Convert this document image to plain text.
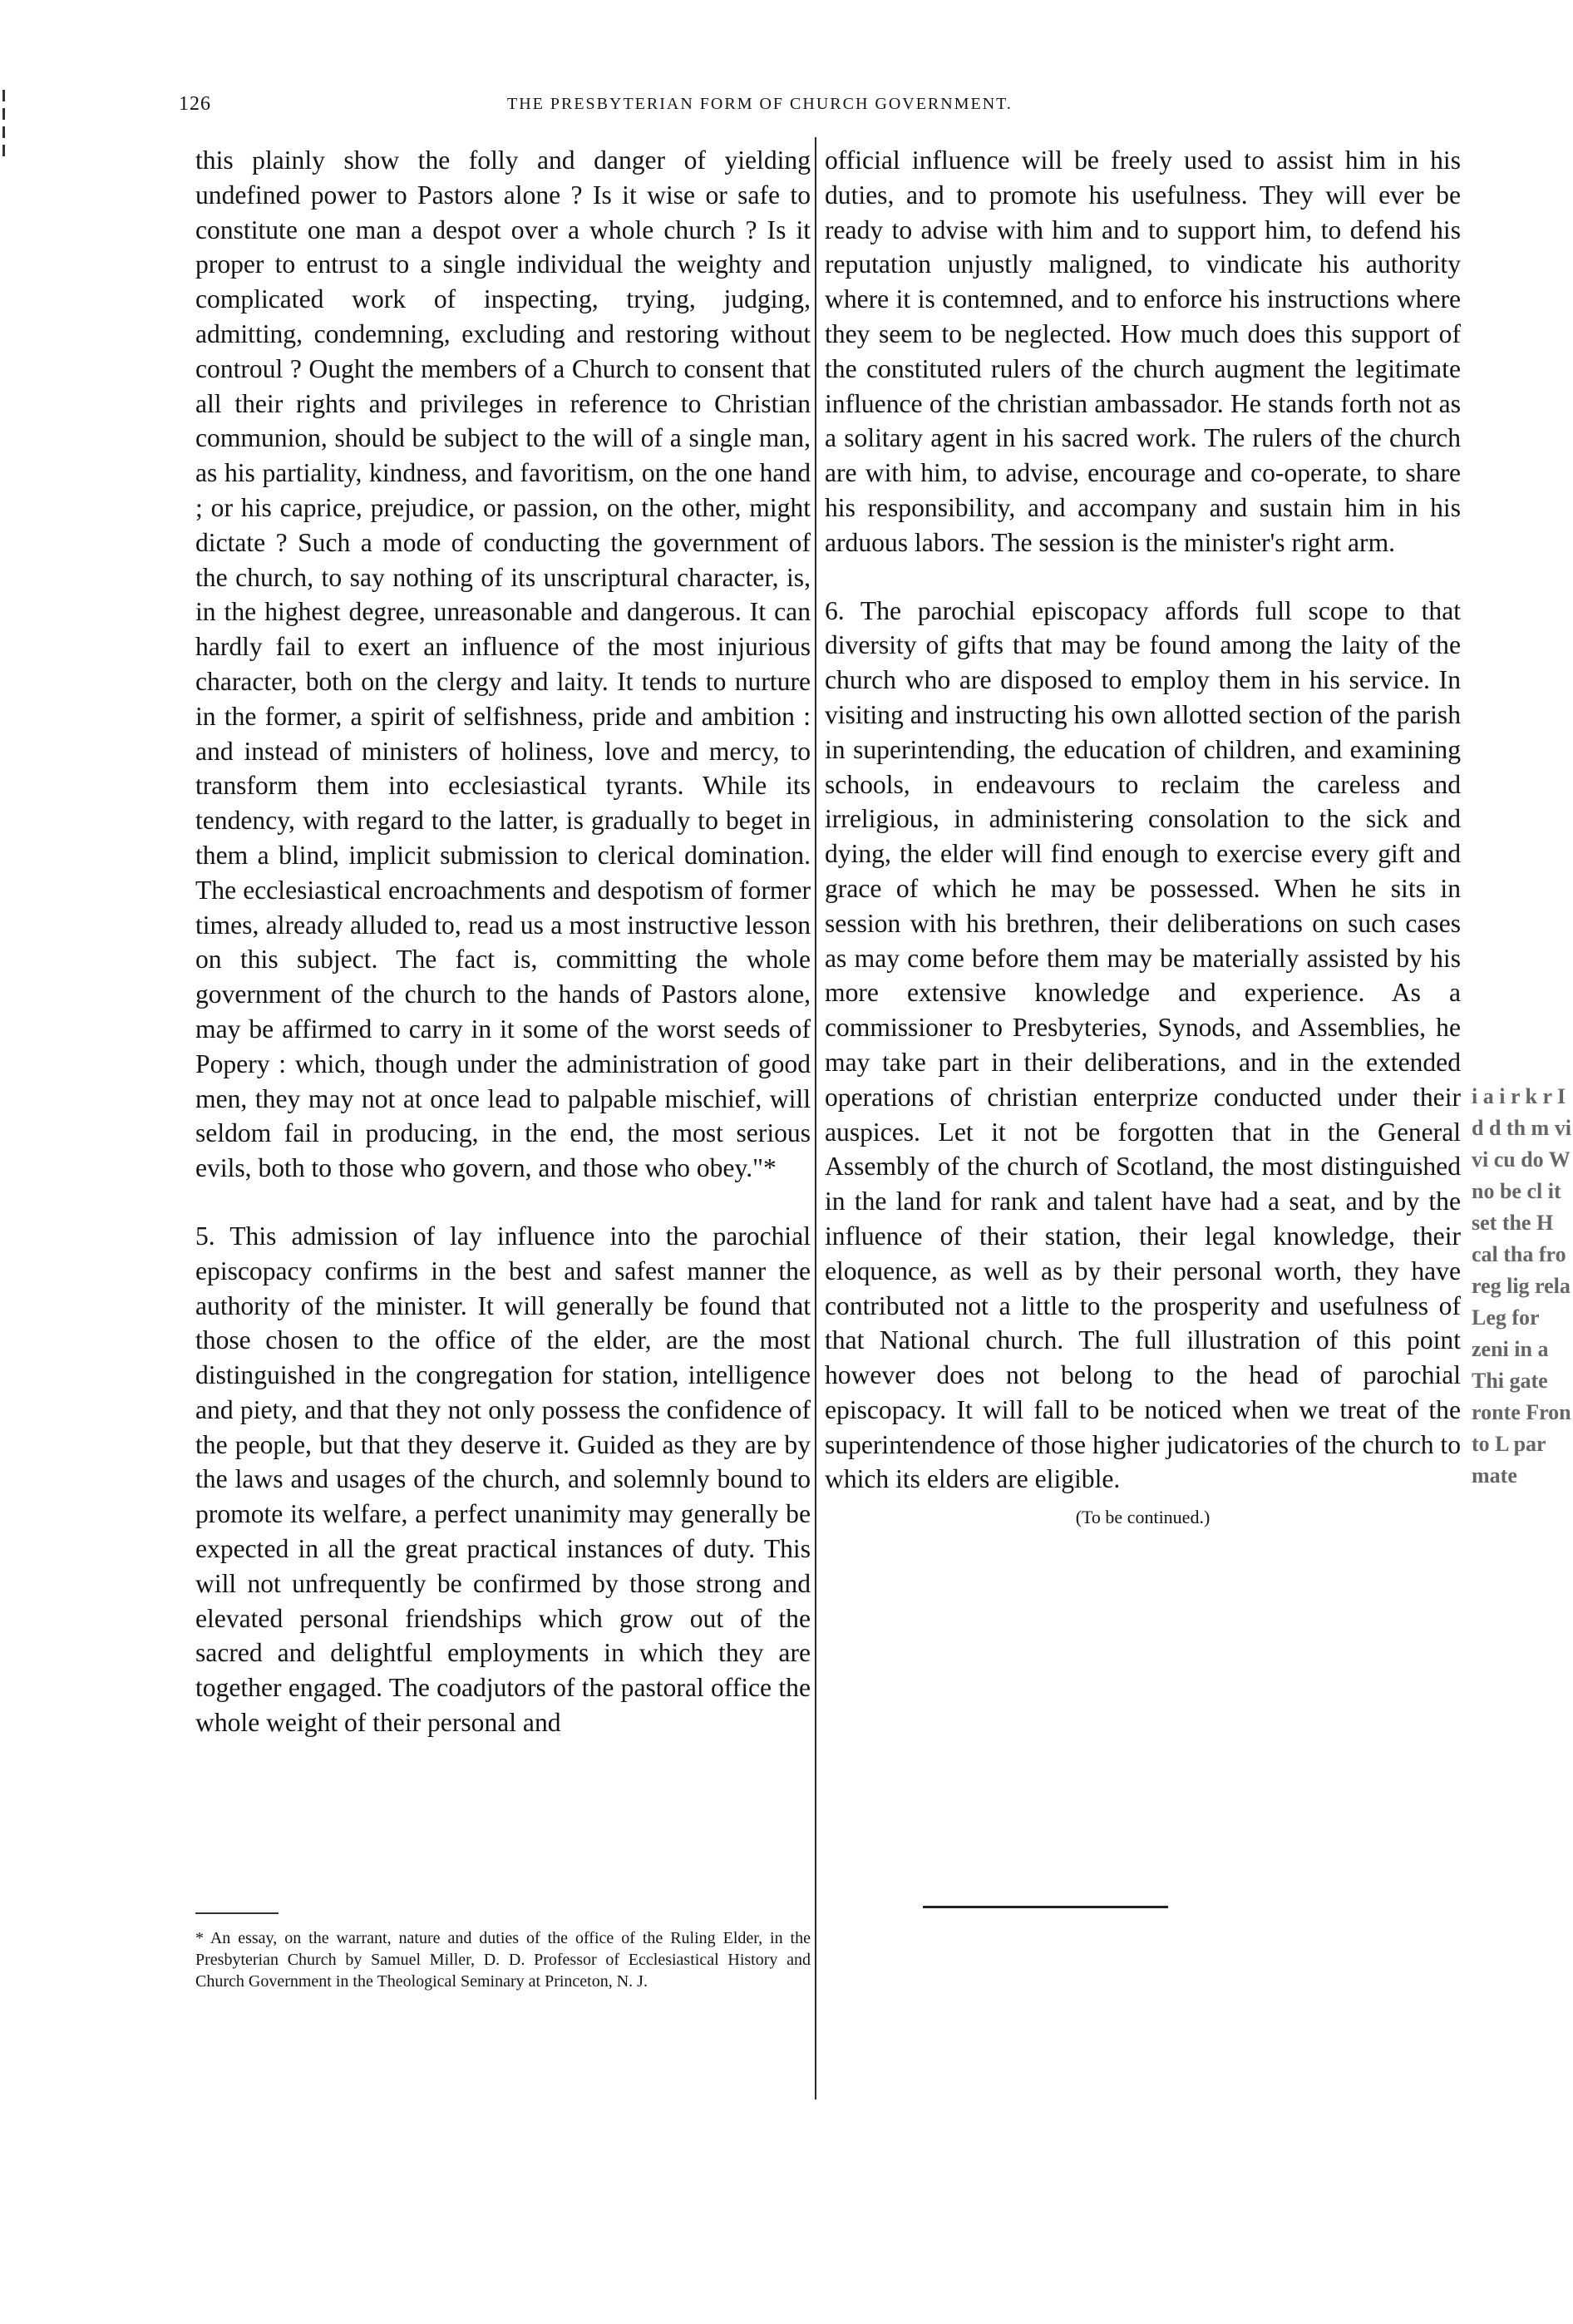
126	THE PRESBYTERIAN FORM OF CHURCH GOVERNMENT.

this plainly show the folly and danger of yielding undefined power to Pastors alone ? Is it wise or safe to constitute one man a despot over a whole church ? Is it proper to entrust to a single individual the weighty and complicated work of inspecting, trying, judging, admitting, condemning, excluding and restoring without controul ? Ought the members of a Church to consent that all their rights and privileges in reference to Christian communion, should be subject to the will of a single man, as his partiality, kindness, and favoritism, on the one hand ; or his caprice, prejudice, or passion, on the other, might dictate ? Such a mode of conducting the government of the church, to say nothing of its unscriptural character, is, in the highest degree, unreasonable and dangerous. It can hardly fail to exert an influence of the most injurious character, both on the clergy and laity. It tends to nurture in the former, a spirit of selfishness, pride and ambition : and instead of ministers of holiness, love and mercy, to transform them into ecclesiastical tyrants. While its tendency, with regard to the latter, is gradually to beget in them a blind, implicit submission to clerical domination. The ecclesiastical encroachments and despotism of former times, already alluded to, read us a most instructive lesson on this subject. The fact is, committing the whole government of the church to the hands of Pastors alone, may be affirmed to carry in it some of the worst seeds of Popery : which, though under the administration of good men, they may not at once lead to palpable mischief, will seldom fail in producing, in the end, the most serious evils, both to those who govern, and those who obey."*

5. This admission of lay influence into the parochial episcopacy confirms in the best and safest manner the authority of the minister. It will generally be found that those chosen to the office of the elder, are the most distinguished in the congregation for station, intelligence and piety, and that they not only possess the confidence of the people, but that they deserve it. Guided as they are by the laws and usages of the church, and solemnly bound to promote its welfare, a perfect unanimity may generally be expected in all the great practical instances of duty. This will not unfrequently be confirmed by those strong and elevated personal friendships which grow out of the sacred and delightful employments in which they are together engaged. The coadjutors of the pastoral office the whole weight of their personal and

official influence will be freely used to assist him in his duties, and to promote his usefulness. They will ever be ready to advise with him and to support him, to defend his reputation unjustly maligned, to vindicate his authority where it is contemned, and to enforce his instructions where they seem to be neglected. How much does this support of the constituted rulers of the church augment the legitimate influence of the christian ambassador. He stands forth not as a solitary agent in his sacred work. The rulers of the church are with him, to advise, encourage and co-operate, to share his responsibility, and accompany and sustain him in his arduous labors. The session is the minister's right arm.

6. The parochial episcopacy affords full scope to that diversity of gifts that may be found among the laity of the church who are disposed to employ them in his service. In visiting and instructing his own allotted section of the parish in superintending, the education of children, and examining schools, in endeavours to reclaim the careless and irreligious, in administering consolation to the sick and dying, the elder will find enough to exercise every gift and grace of which he may be possessed. When he sits in session with his brethren, their deliberations on such cases as may come before them may be materially assisted by his more extensive knowledge and experience. As a commissioner to Presbyteries, Synods, and Assemblies, he may take part in their deliberations, and in the extended operations of christian enterprize conducted under their auspices. Let it not be forgotten that in the General Assembly of the church of Scotland, the most distinguished in the land for rank and talent have had a seat, and by the influence of their station, their legal knowledge, their eloquence, as well as by their personal worth, they have contributed not a little to the prosperity and usefulness of that National church. The full illustration of this point however does not belong to the head of parochial episcopacy. It will fall to be noticed when we treat of the superintendence of those higher judicatories of the church to which its elders are eligible.

(To be continued.)
* An essay, on the warrant, nature and duties of the office of the Ruling Elder, in the Presbyterian Church by Samuel Miller, D. D. Professor of Ecclesiastical History and Church Government in the Theological Seminary at Princeton, N. J.
i a i r k r I d d th m vi vi cu do W no be cl it set the H cal tha fro reg lig rela Leg for zeni in a Thi gate ronte Fron to L par mate
